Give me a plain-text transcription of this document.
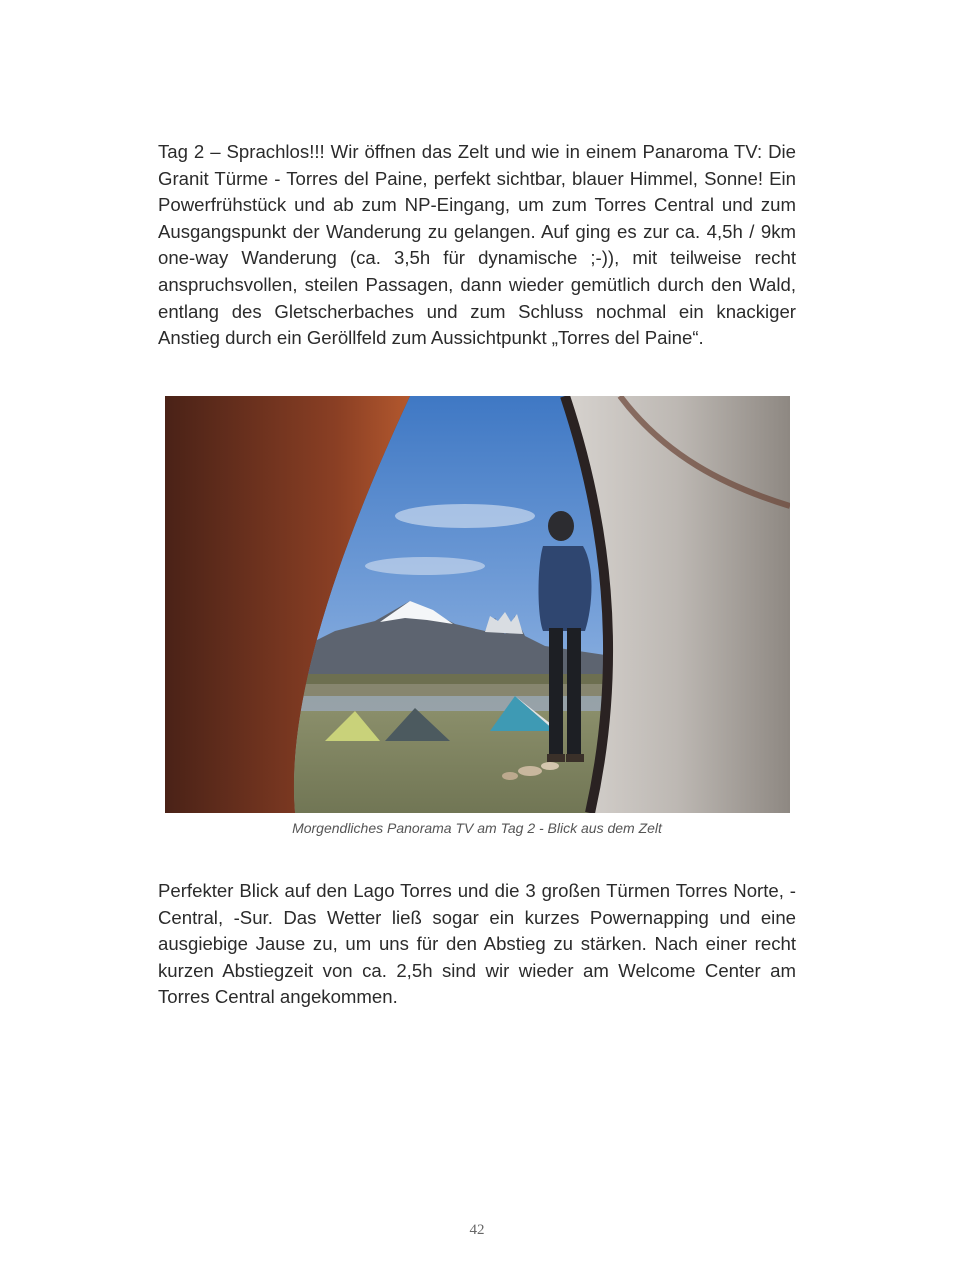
Tag 2 – Sprachlos!!! Wir öffnen das Zelt und wie in einem Panaroma TV: Die Granit Türme - Torres del Paine, perfekt sichtbar, blauer Himmel, Sonne! Ein Powerfrühstück und ab zum NP-Eingang, um zum Torres Central und zum Ausgangspunkt der Wanderung zu gelangen. Auf ging es zur ca. 4,5h / 9km one-way Wanderung (ca. 3,5h für dynamische ;-)), mit teilweise recht anspruchsvollen, steilen Passagen, dann wieder gemütlich durch den Wald, entlang des Gletscherbaches und zum Schluss nochmal ein knackiger Anstieg durch ein Geröllfeld zum Aussichtpunkt „Torres del Paine“.

Morgendliches Panorama TV am Tag 2 - Blick aus dem Zelt

Perfekter Blick auf den Lago Torres und die 3 großen Türmen Torres Norte, -Central, -Sur. Das Wetter ließ sogar ein kurzes Powernapping und eine ausgiebige Jause zu, um uns für den Abstieg zu stärken. Nach einer recht kurzen Abstiegzeit von ca. 2,5h sind wir wieder am Welcome Center am Torres Central angekommen.

42
